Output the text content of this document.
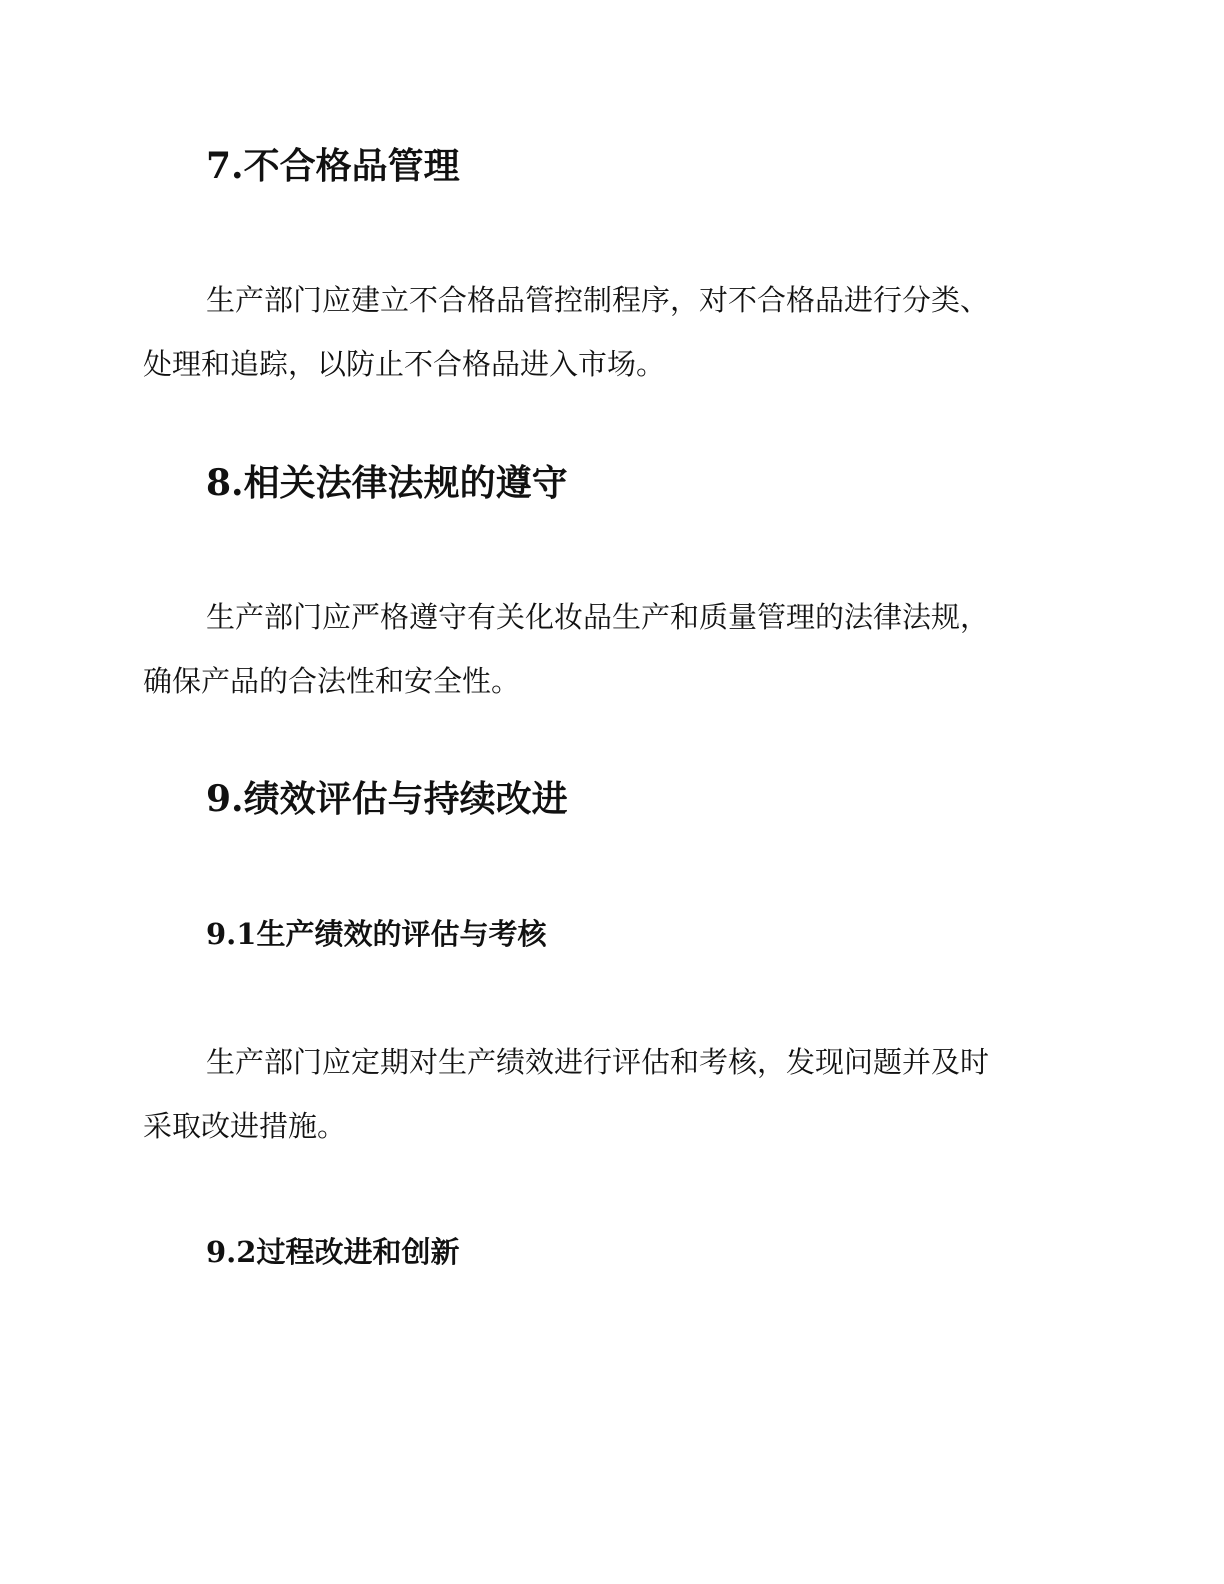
7.不合格品管理

生产部门应建立不合格品管控制程序，对不合格品进行分类、
处理和追踪，以防止不合格品进入市场。

8.相关法律法规的遵守

生产部门应严格遵守有关化妆品生产和质量管理的法律法规，
确保产品的合法性和安全性。

9.绩效评估与持续改进
9.1生产绩效的评估与考核

生产部门应定期对生产绩效进行评估和考核，发现问题并及时
采取改进措施。

9.2过程改进和创新
